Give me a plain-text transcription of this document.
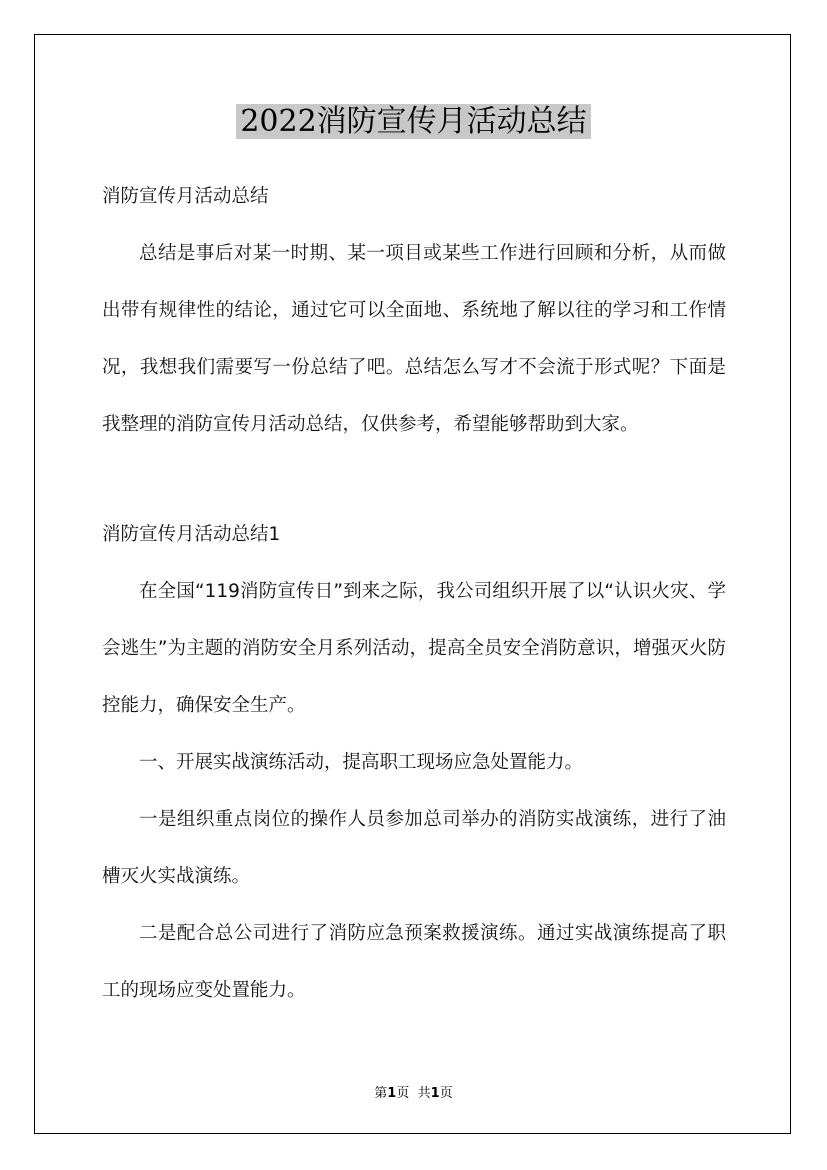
2022消防宣传月活动总结

消防宣传月活动总结

总结是事后对某一时期、某一项目或某些工作进行回顾和分析，从而做出带有规律性的结论，通过它可以全面地、系统地了解以往的学习和工作情况，我想我们需要写一份总结了吧。总结怎么写才不会流于形式呢？下面是我整理的消防宣传月活动总结，仅供参考，希望能够帮助到大家。

消防宣传月活动总结1

在全国“119消防宣传日”到来之际，我公司组织开展了以“认识火灾、学会逃生”为主题的消防安全月系列活动，提高全员安全消防意识，增强灭火防控能力，确保安全生产。

一、开展实战演练活动，提高职工现场应急处置能力。

一是组织重点岗位的操作人员参加总司举办的消防实战演练，进行了油槽灭火实战演练。

二是配合总公司进行了消防应急预案救援演练。通过实战演练提高了职工的现场应变处置能力。

第1页 共1页
